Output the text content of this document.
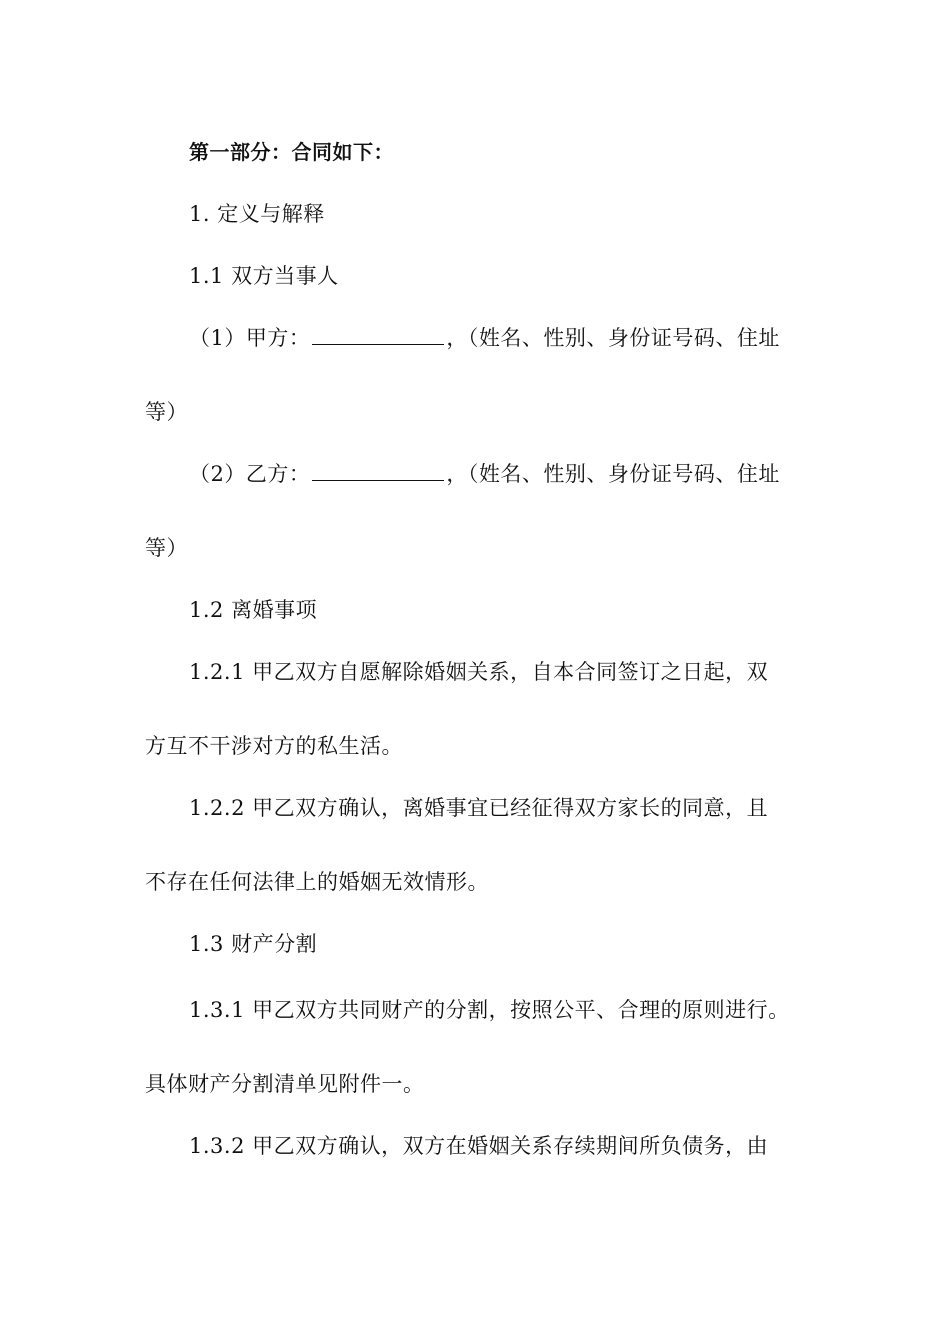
第一部分：合同如下：
1. 定义与解释
1.1 双方当事人
（1）甲方：	，（姓名、性别、身份证号码、住址
等）
（2）乙方：	，（姓名、性别、身份证号码、住址
等）
1.2 离婚事项
1.2.1 甲乙双方自愿解除婚姻关系，自本合同签订之日起，双
方互不干涉对方的私生活。
1.2.2 甲乙双方确认，离婚事宜已经征得双方家长的同意，且
不存在任何法律上的婚姻无效情形。
1.3 财产分割
1.3.1 甲乙双方共同财产的分割，按照公平、合理的原则进行。
具体财产分割清单见附件一。
1.3.2 甲乙双方确认，双方在婚姻关系存续期间所负债务，由
